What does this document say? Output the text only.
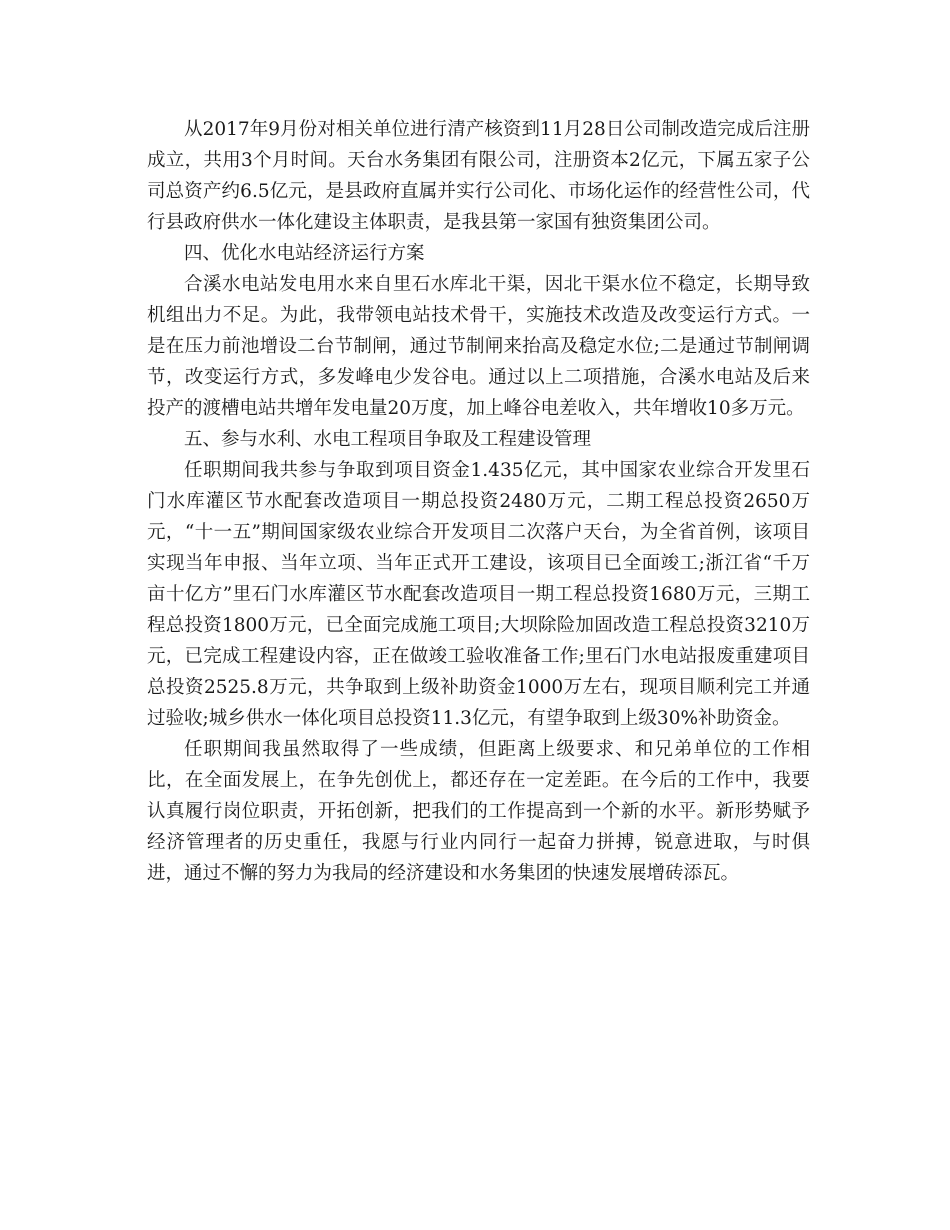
从2017年9月份对相关单位进行清产核资到11月28日公司制改造完成后注册成立，共用3个月时间。天台水务集团有限公司，注册资本2亿元，下属五家子公司总资产约6.5亿元，是县政府直属并实行公司化、市场化运作的经营性公司，代行县政府供水一体化建设主体职责，是我县第一家国有独资集团公司。

四、优化水电站经济运行方案

合溪水电站发电用水来自里石水库北干渠，因北干渠水位不稳定，长期导致机组出力不足。为此，我带领电站技术骨干，实施技术改造及改变运行方式。一是在压力前池增设二台节制闸，通过节制闸来抬高及稳定水位;二是通过节制闸调节，改变运行方式，多发峰电少发谷电。通过以上二项措施，合溪水电站及后来投产的渡槽电站共增年发电量20万度，加上峰谷电差收入，共年增收10多万元。

五、参与水利、水电工程项目争取及工程建设管理

任职期间我共参与争取到项目资金1.435亿元，其中国家农业综合开发里石门水库灌区节水配套改造项目一期总投资2480万元，二期工程总投资2650万元，“十一五”期间国家级农业综合开发项目二次落户天台，为全省首例，该项目实现当年申报、当年立项、当年正式开工建设，该项目已全面竣工;浙江省“千万亩十亿方”里石门水库灌区节水配套改造项目一期工程总投资1680万元，三期工程总投资1800万元，已全面完成施工项目;大坝除险加固改造工程总投资3210万元，已完成工程建设内容，正在做竣工验收准备工作;里石门水电站报废重建项目总投资2525.8万元，共争取到上级补助资金1000万左右，现项目顺利完工并通过验收;城乡供水一体化项目总投资11.3亿元，有望争取到上级30%补助资金。

任职期间我虽然取得了一些成绩，但距离上级要求、和兄弟单位的工作相比，在全面发展上，在争先创优上，都还存在一定差距。在今后的工作中，我要认真履行岗位职责，开拓创新，把我们的工作提高到一个新的水平。新形势赋予经济管理者的历史重任，我愿与行业内同行一起奋力拼搏，锐意进取，与时俱进，通过不懈的努力为我局的经济建设和水务集团的快速发展增砖添瓦。
